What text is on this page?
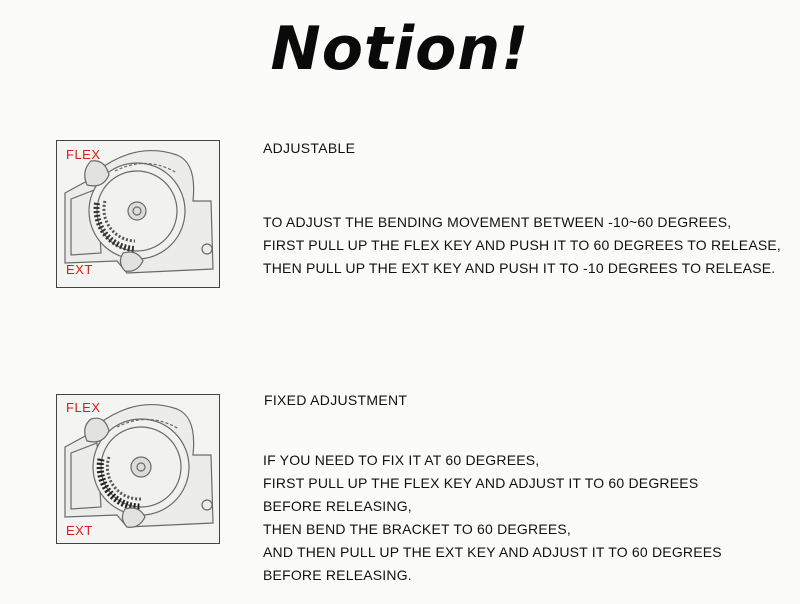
Notion!
FLEX
EXT
ADJUSTABLE
TO ADJUST THE BENDING MOVEMENT BETWEEN -10~60 DEGREES,
FIRST PULL UP THE FLEX KEY AND PUSH IT TO 60 DEGREES TO RELEASE,
THEN PULL UP THE EXT KEY AND PUSH IT TO -10 DEGREES TO RELEASE.
FLEX
EXT
FIXED ADJUSTMENT
IF YOU NEED TO FIX IT AT 60 DEGREES,
FIRST PULL UP THE FLEX KEY AND ADJUST IT TO 60 DEGREES
BEFORE RELEASING,
THEN BEND THE BRACKET TO 60 DEGREES,
AND THEN PULL UP THE EXT KEY AND ADJUST IT TO 60 DEGREES
BEFORE RELEASING.
